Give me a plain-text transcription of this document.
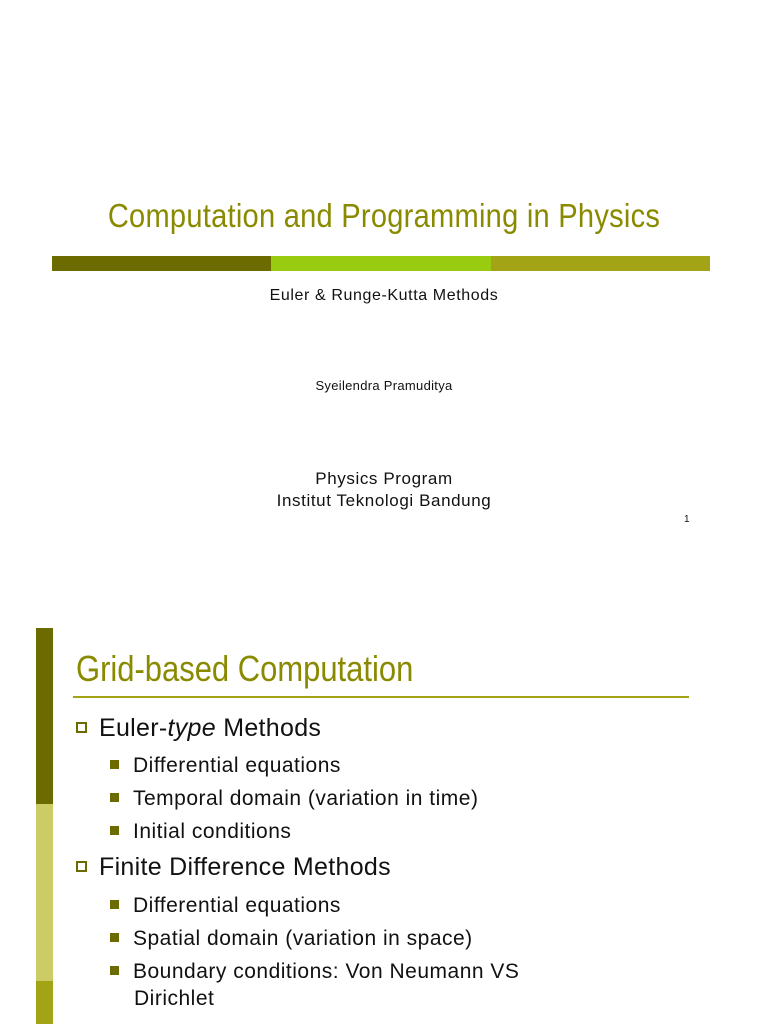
Computation and Programming in Physics
Euler & Runge-Kutta Methods
Syeilendra Pramuditya
Physics Program
Institut Teknologi Bandung
1
Grid-based Computation
Euler-type Methods
Differential equations
Temporal domain (variation in time)
Initial conditions
Finite Difference Methods
Differential equations
Spatial domain (variation in space)
Boundary conditions: Von Neumann VS
Dirichlet
